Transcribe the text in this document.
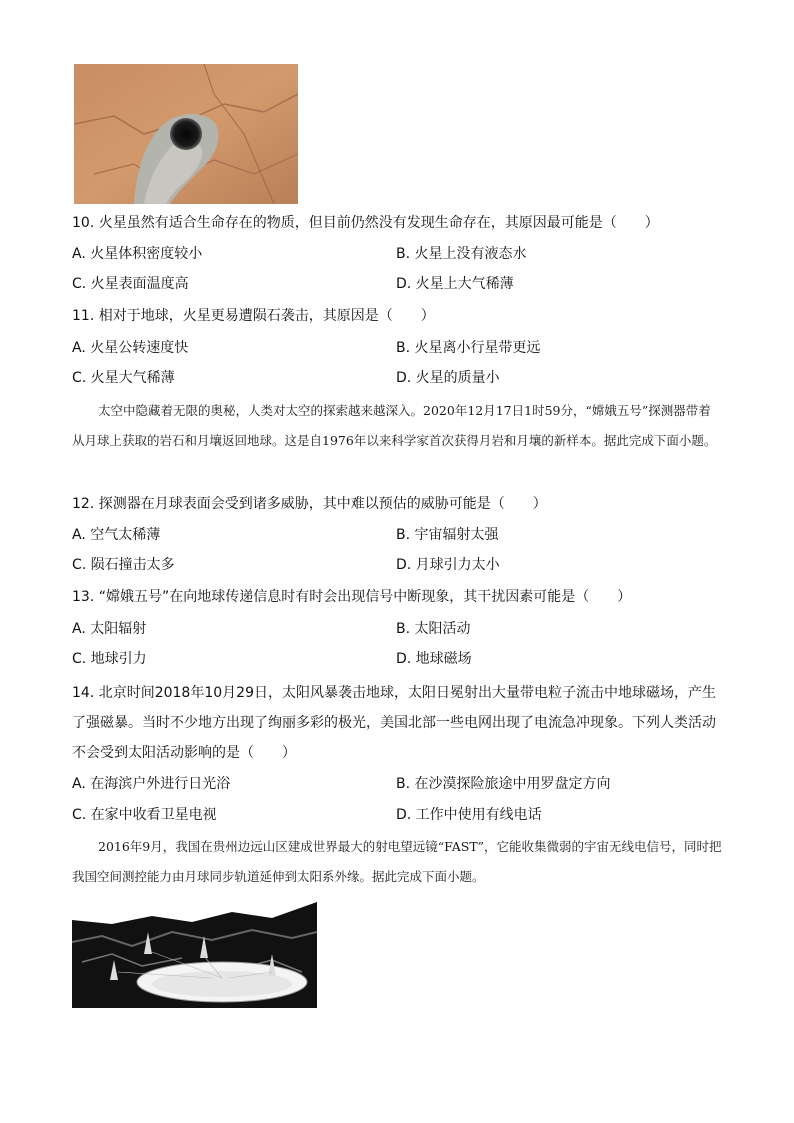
10. 火星虽然有适合生命存在的物质，但目前仍然没有发现生命存在，其原因最可能是（　　）
A. 火星体积密度较小	B. 火星上没有液态水
C. 火星表面温度高	D. 火星上大气稀薄
11. 相对于地球，火星更易遭陨石袭击，其原因是（　　）
A. 火星公转速度快	B. 火星离小行星带更远
C. 火星大气稀薄	D. 火星的质量小
太空中隐藏着无限的奥秘，人类对太空的探索越来越深入。2020年12月17日1时59分，“嫦娥五号”探测器带着从月球上获取的岩石和月壤返回地球。这是自1976年以来科学家首次获得月岩和月壤的新样本。据此完成下面小题。
12. 探测器在月球表面会受到诸多威胁，其中难以预估的威胁可能是（　　）
A. 空气太稀薄	B. 宇宙辐射太强
C. 陨石撞击太多	D. 月球引力太小
13. “嫦娥五号”在向地球传递信息时有时会出现信号中断现象，其干扰因素可能是（　　）
A. 太阳辐射	B. 太阳活动
C. 地球引力	D. 地球磁场
14. 北京时间2018年10月29日，太阳风暴袭击地球，太阳日冕射出大量带电粒子流击中地球磁场，产生了强磁暴。当时不少地方出现了绚丽多彩的极光，美国北部一些电网出现了电流急冲现象。下列人类活动不会受到太阳活动影响的是（　　）
A. 在海滨户外进行日光浴	B. 在沙漠探险旅途中用罗盘定方向
C. 在家中收看卫星电视	D. 工作中使用有线电话
2016年9月，我国在贵州边远山区建成世界最大的射电望远镜“FAST”，它能收集微弱的宇宙无线电信号，同时把我国空间测控能力由月球同步轨道延伸到太阳系外缘。据此完成下面小题。
